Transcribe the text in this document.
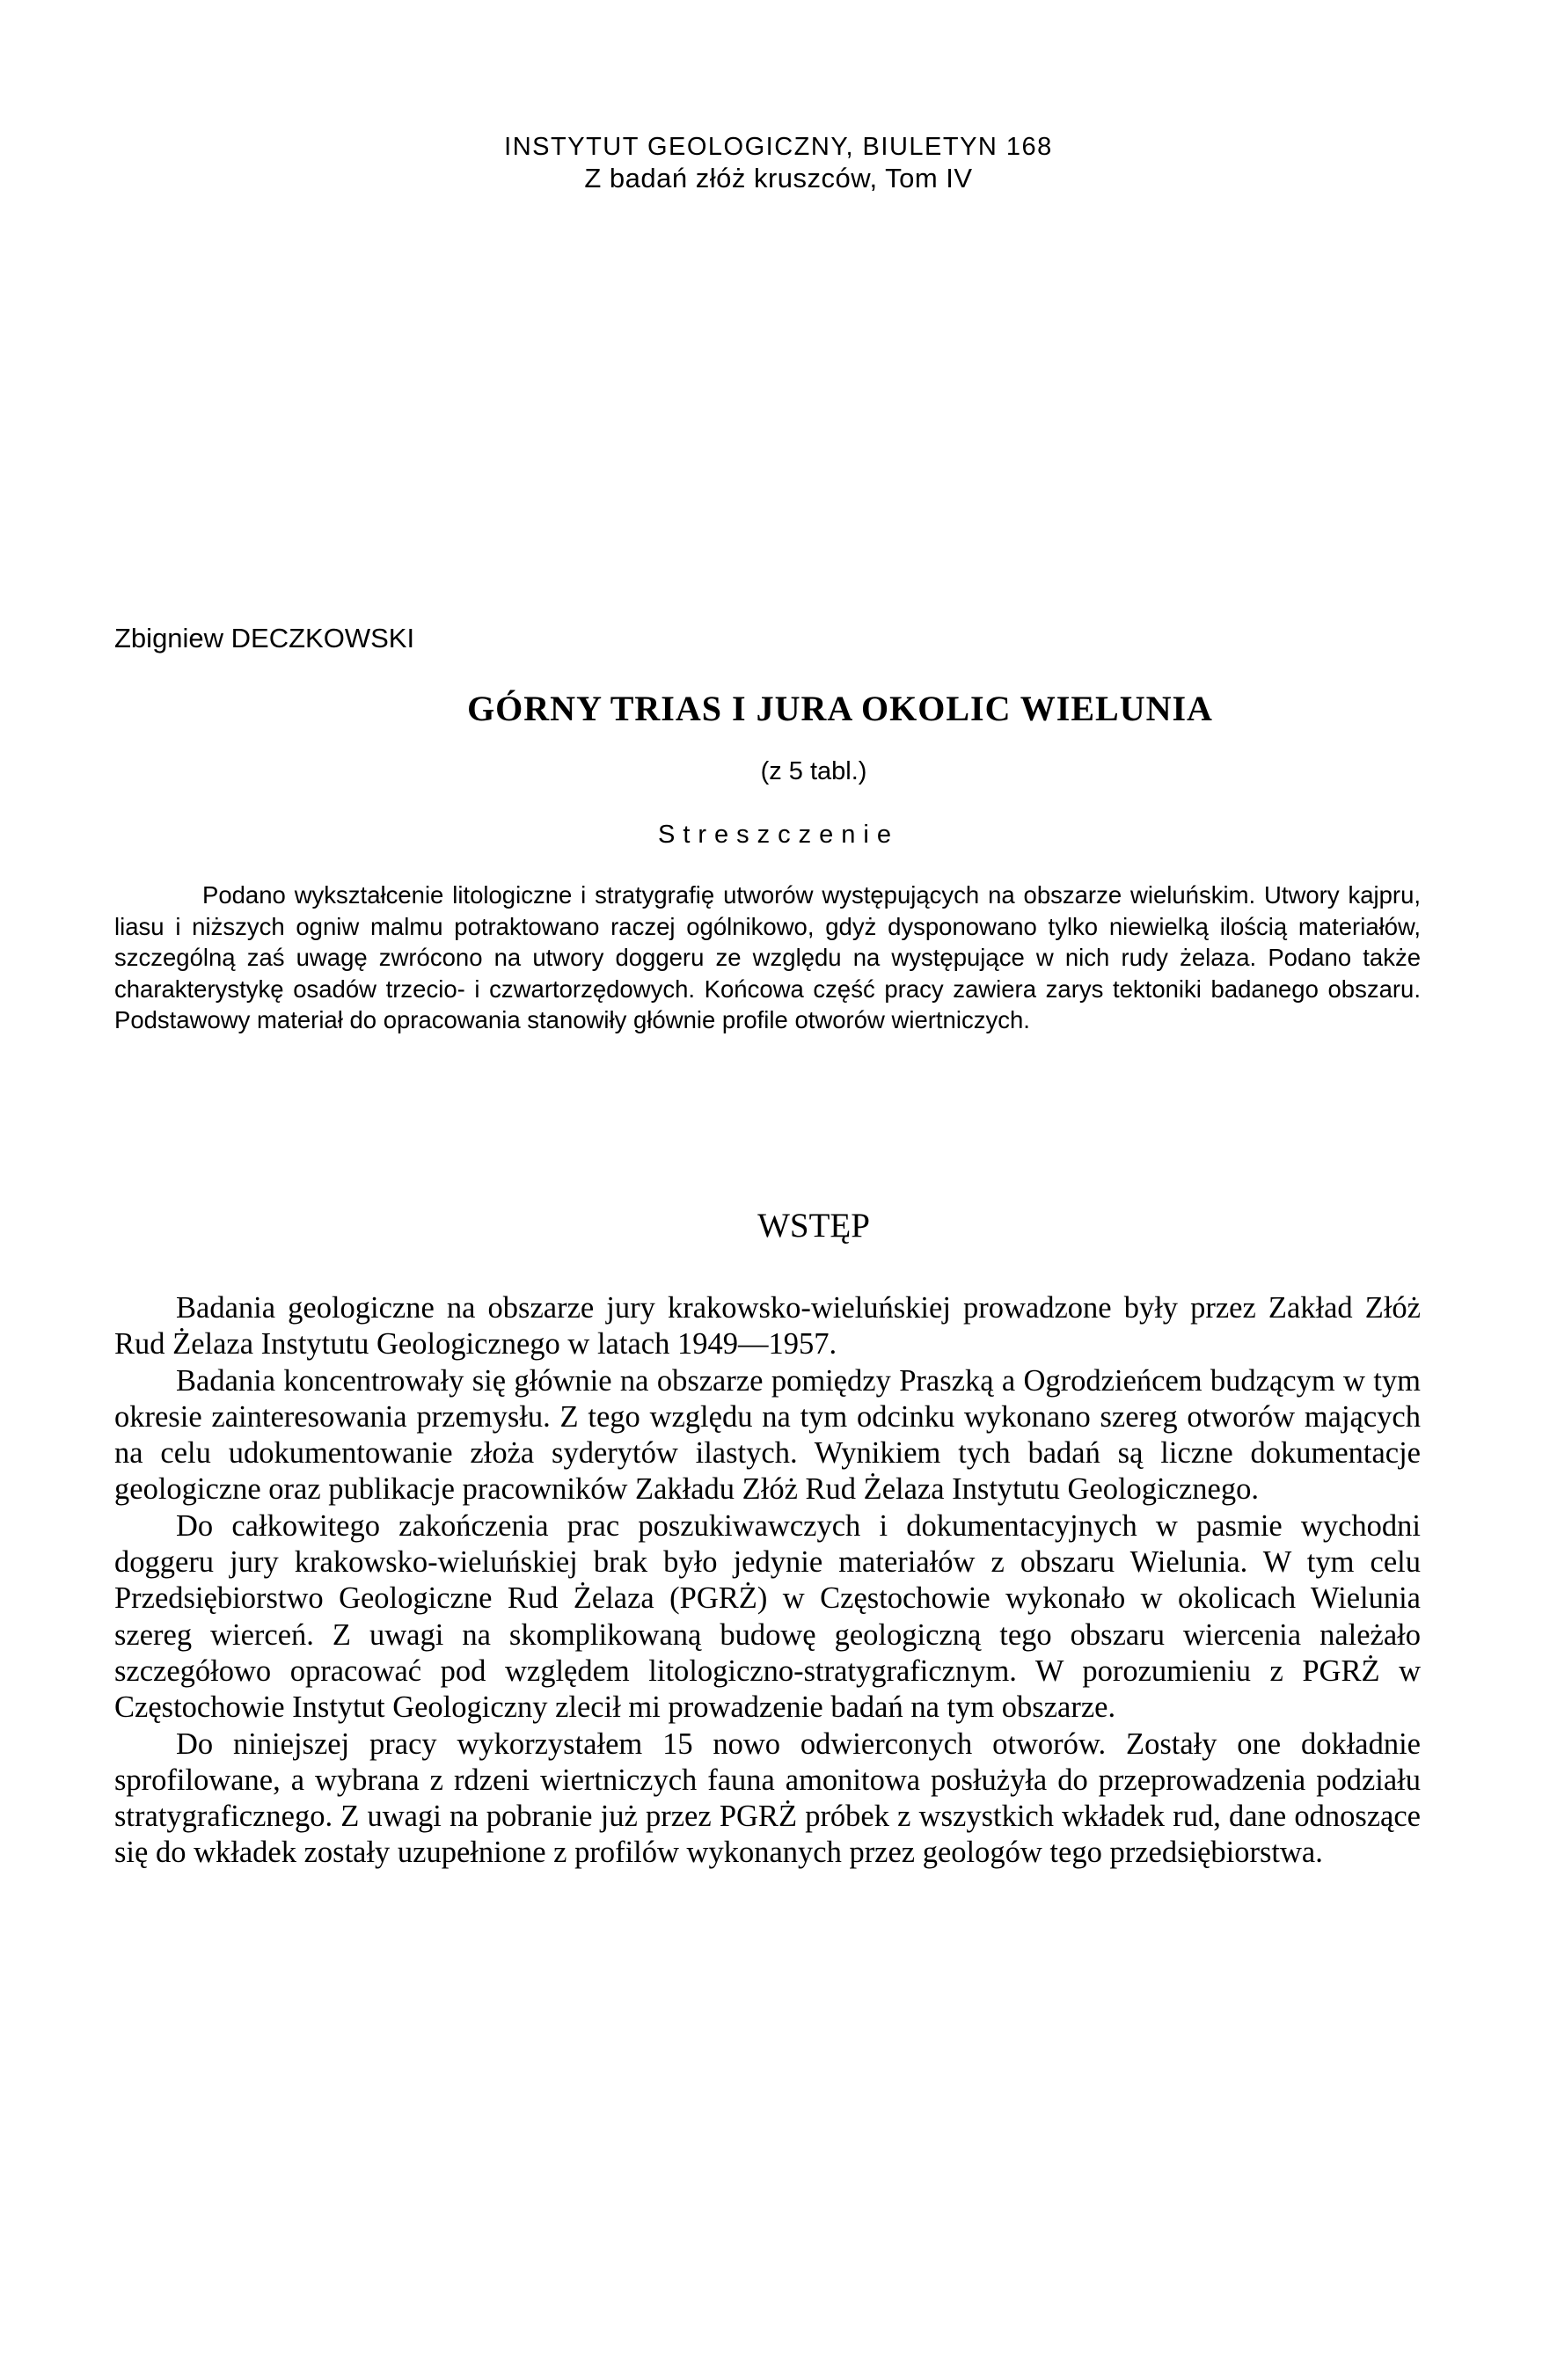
INSTYTUT GEOLOGICZNY, BIULETYN 168
Z badań złóż kruszców, Tom IV
Zbigniew DECZKOWSKI
GÓRNY TRIAS I JURA OKOLIC WIELUNIA
(z 5 tabl.)
Streszczenie

Podano wykształcenie litologiczne i stratygrafię utworów występujących na obszarze wieluńskim. Utwory kajpru, liasu i niższych ogniw malmu potraktowano raczej ogólnikowo, gdyż dysponowano tylko niewielką ilością materiałów, szczególną zaś uwagę zwrócono na utwory doggeru ze względu na występujące w nich rudy żelaza. Podano także charakterystykę osadów trzecio- i czwartorzędowych. Końcowa część pracy zawiera zarys tektoniki badanego obszaru. Podstawowy materiał do opracowania stanowiły głównie profile otworów wiertniczych.

WSTĘP

Badania geologiczne na obszarze jury krakowsko-wieluńskiej prowadzone były przez Zakład Złóż Rud Żelaza Instytutu Geologicznego w latach 1949—1957.

Badania koncentrowały się głównie na obszarze pomiędzy Praszką a Ogrodzieńcem budzącym w tym okresie zainteresowania przemysłu. Z tego względu na tym odcinku wykonano szereg otworów mających na celu udokumentowanie złoża syderytów ilastych. Wynikiem tych badań są liczne dokumentacje geologiczne oraz publikacje pracowników Zakładu Złóż Rud Żelaza Instytutu Geologicznego.

Do całkowitego zakończenia prac poszukiwawczych i dokumentacyjnych w pasmie wychodni doggeru jury krakowsko-wieluńskiej brak było jedynie materiałów z obszaru Wielunia. W tym celu Przedsiębiorstwo Geologiczne Rud Żelaza (PGRŻ) w Częstochowie wykonało w okolicach Wielunia szereg wierceń. Z uwagi na skomplikowaną budowę geologiczną tego obszaru wiercenia należało szczegółowo opracować pod względem litologiczno-stratygraficznym. W porozumieniu z PGRŻ w Częstochowie Instytut Geologiczny zlecił mi prowadzenie badań na tym obszarze.

Do niniejszej pracy wykorzystałem 15 nowo odwierconych otworów. Zostały one dokładnie sprofilowane, a wybrana z rdzeni wiertniczych fauna amonitowa posłużyła do przeprowadzenia podziału stratygraficznego. Z uwagi na pobranie już przez PGRŻ próbek z wszystkich wkładek rud, dane odnoszące się do wkładek zostały uzupełnione z profilów wykonanych przez geologów tego przedsiębiorstwa.
